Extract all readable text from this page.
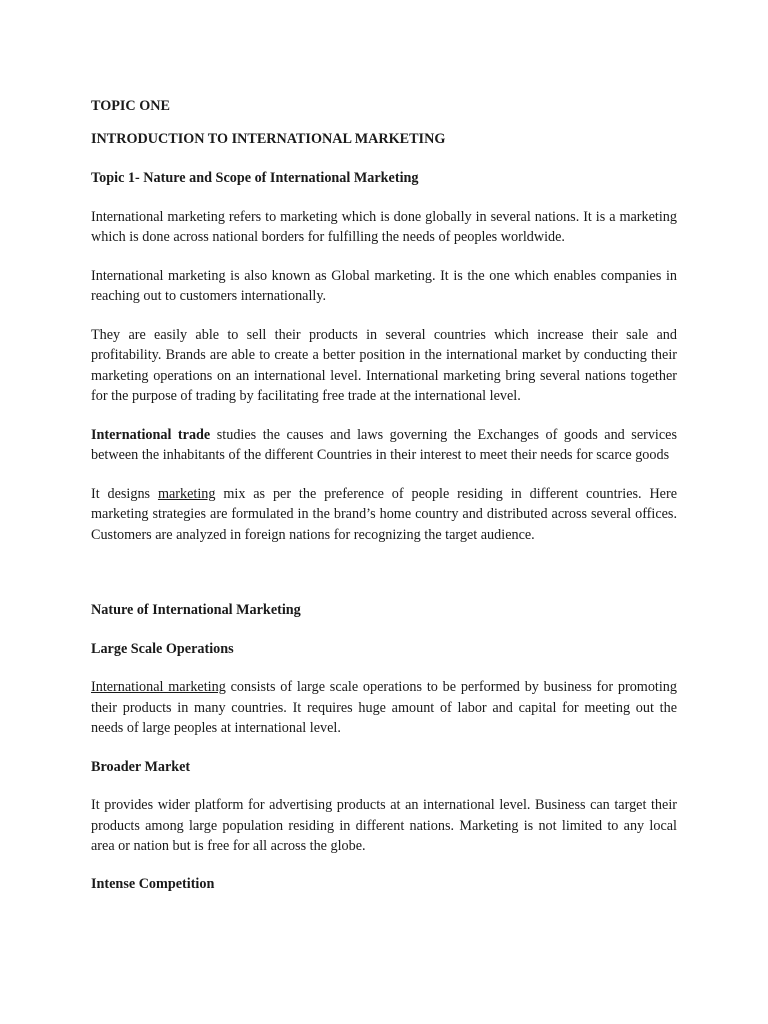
TOPIC ONE

INTRODUCTION TO INTERNATIONAL MARKETING

Topic 1- Nature and Scope of International Marketing

International marketing refers to marketing which is done globally in several nations. It is a marketing which is done across national borders for fulfilling the needs of peoples worldwide.

International marketing is also known as Global marketing. It is the one which enables companies in reaching out to customers internationally.

They are easily able to sell their products in several countries which increase their sale and profitability. Brands are able to create a better position in the international market by conducting their marketing operations on an international level. International marketing bring several nations together for the purpose of trading by facilitating free trade at the international level.

International trade studies the causes and laws governing the Exchanges of goods and services between the inhabitants of the different Countries in their interest to meet their needs for scarce goods

It designs marketing mix as per the preference of people residing in different countries. Here marketing strategies are formulated in the brand’s home country and distributed across several offices. Customers are analyzed in foreign nations for recognizing the target audience.

Nature of International Marketing

Large Scale Operations

International marketing consists of large scale operations to be performed by business for promoting their products in many countries. It requires huge amount of labor and capital for meeting out the needs of large peoples at international level.

Broader Market

It provides wider platform for advertising products at an international level. Business can target their products among large population residing in different nations. Marketing is not limited to any local area or nation but is free for all across the globe.

Intense Competition
